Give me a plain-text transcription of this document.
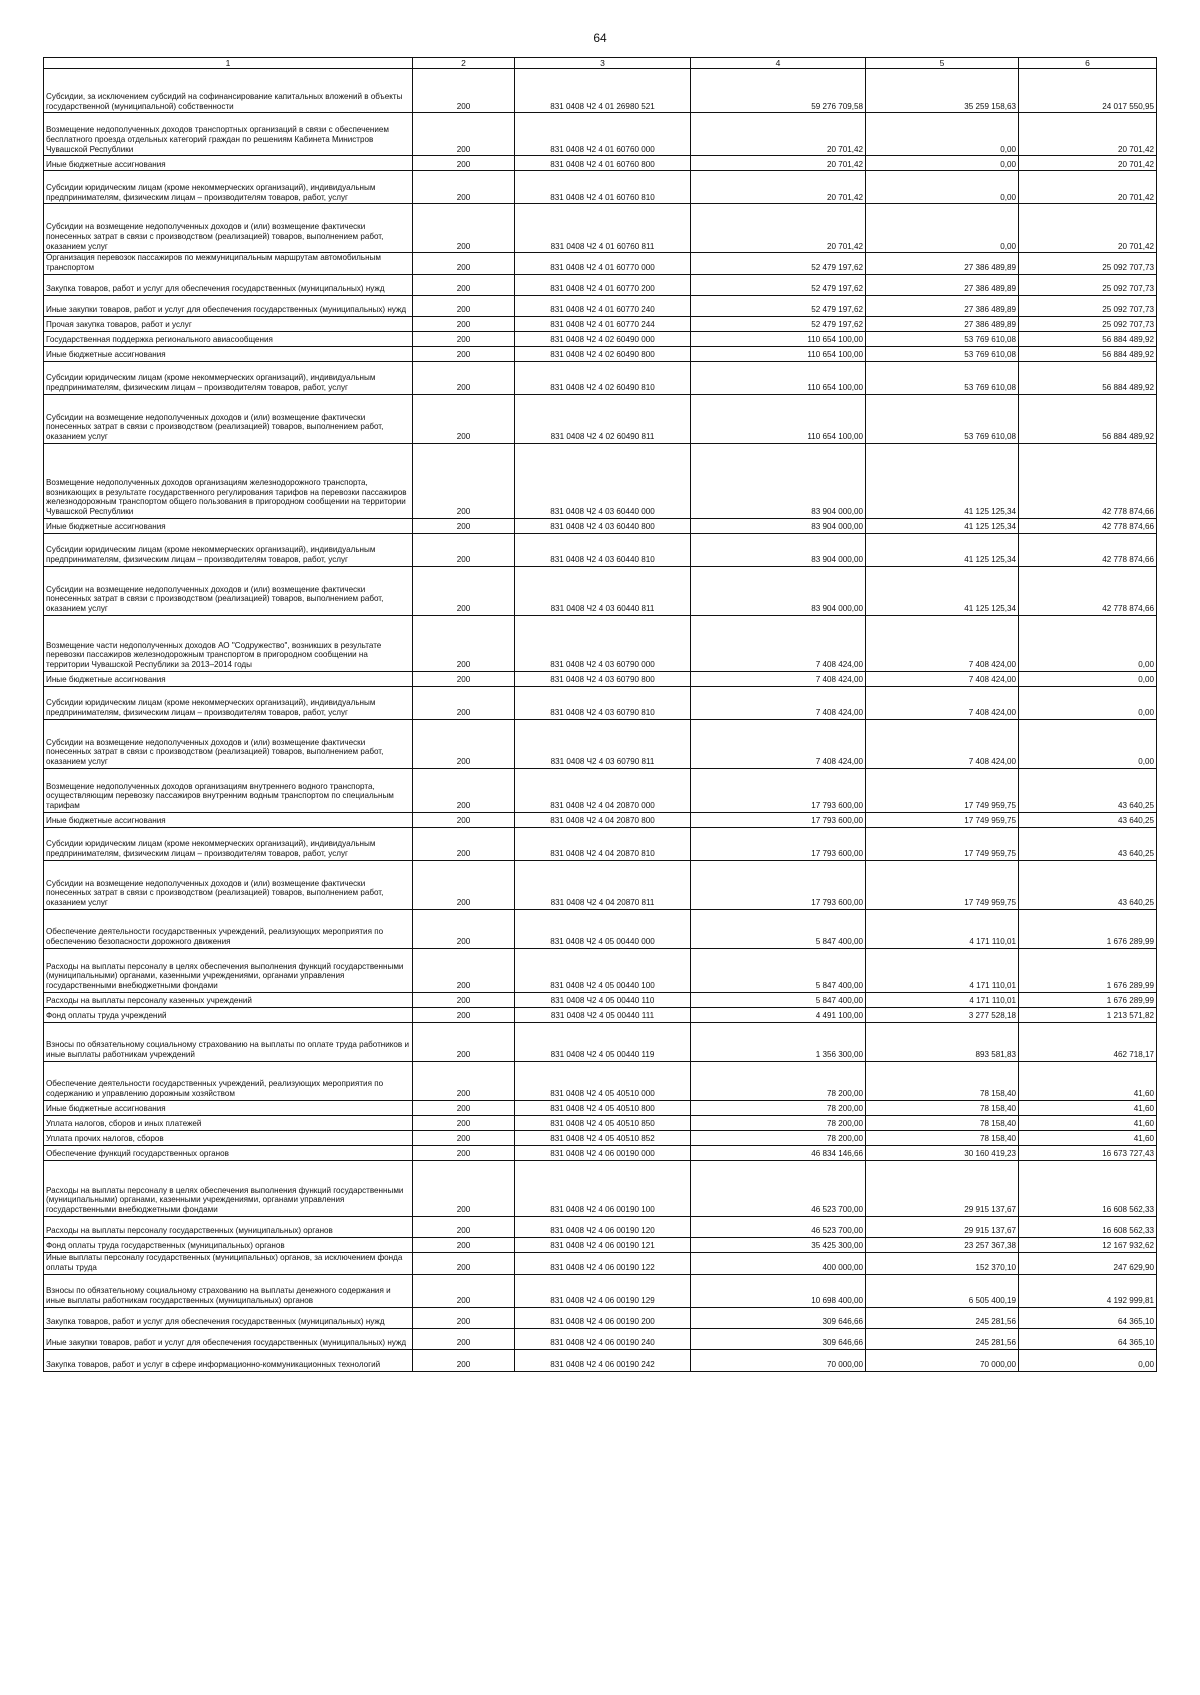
64
1	2	3	4	5	6
Субсидии, за исключением субсидий на софинансирование капитальных вложений в объекты государственной (муниципальной) собственности	200	831 0408 Ч2 4 01 26980 521	59 276 709,58	35 259 158,63	24 017 550,95
Возмещение недополученных доходов транспортных организаций в связи с обеспечением бесплатного проезда отдельных категорий граждан по решениям Кабинета Министров Чувашской Республики	200	831 0408 Ч2 4 01 60760 000	20 701,42	0,00	20 701,42
Иные бюджетные ассигнования	200	831 0408 Ч2 4 01 60760 800	20 701,42	0,00	20 701,42
Субсидии юридическим лицам (кроме некоммерческих организаций), индивидуальным предпринимателям, физическим лицам – производителям товаров, работ, услуг	200	831 0408 Ч2 4 01 60760 810	20 701,42	0,00	20 701,42
Субсидии на возмещение недополученных доходов и (или) возмещение фактически понесенных затрат в связи с производством (реализацией) товаров, выполнением работ, оказанием услуг	200	831 0408 Ч2 4 01 60760 811	20 701,42	0,00	20 701,42
Организация перевозок пассажиров по межмуниципальным маршрутам автомобильным транспортом	200	831 0408 Ч2 4 01 60770 000	52 479 197,62	27 386 489,89	25 092 707,73
Закупка товаров, работ и услуг для обеспечения государственных (муниципальных) нужд	200	831 0408 Ч2 4 01 60770 200	52 479 197,62	27 386 489,89	25 092 707,73
Иные закупки товаров, работ и услуг для обеспечения государственных (муниципальных) нужд	200	831 0408 Ч2 4 01 60770 240	52 479 197,62	27 386 489,89	25 092 707,73
Прочая закупка товаров, работ и услуг	200	831 0408 Ч2 4 01 60770 244	52 479 197,62	27 386 489,89	25 092 707,73
Государственная поддержка регионального авиасообщения	200	831 0408 Ч2 4 02 60490 000	110 654 100,00	53 769 610,08	56 884 489,92
Иные бюджетные ассигнования	200	831 0408 Ч2 4 02 60490 800	110 654 100,00	53 769 610,08	56 884 489,92
Субсидии юридическим лицам (кроме некоммерческих организаций), индивидуальным предпринимателям, физическим лицам – производителям товаров, работ, услуг	200	831 0408 Ч2 4 02 60490 810	110 654 100,00	53 769 610,08	56 884 489,92
Субсидии на возмещение недополученных доходов и (или) возмещение фактически понесенных затрат в связи с производством (реализацией) товаров, выполнением работ, оказанием услуг	200	831 0408 Ч2 4 02 60490 811	110 654 100,00	53 769 610,08	56 884 489,92
Возмещение недополученных доходов организациям железнодорожного транспорта, возникающих в результате государственного регулирования тарифов на перевозки пассажиров железнодорожным транспортом общего пользования в пригородном сообщении на территории Чувашской Республики	200	831 0408 Ч2 4 03 60440 000	83 904 000,00	41 125 125,34	42 778 874,66
Иные бюджетные ассигнования	200	831 0408 Ч2 4 03 60440 800	83 904 000,00	41 125 125,34	42 778 874,66
Субсидии юридическим лицам (кроме некоммерческих организаций), индивидуальным предпринимателям, физическим лицам – производителям товаров, работ, услуг	200	831 0408 Ч2 4 03 60440 810	83 904 000,00	41 125 125,34	42 778 874,66
Субсидии на возмещение недополученных доходов и (или) возмещение фактически понесенных затрат в связи с производством (реализацией) товаров, выполнением работ, оказанием услуг	200	831 0408 Ч2 4 03 60440 811	83 904 000,00	41 125 125,34	42 778 874,66
Возмещение части недополученных доходов АО "Содружество", возникших в результате перевозки пассажиров железнодорожным транспортом в пригородном сообщении на территории Чувашской Республики за 2013–2014 годы	200	831 0408 Ч2 4 03 60790 000	7 408 424,00	7 408 424,00	0,00
Иные бюджетные ассигнования	200	831 0408 Ч2 4 03 60790 800	7 408 424,00	7 408 424,00	0,00
Субсидии юридическим лицам (кроме некоммерческих организаций), индивидуальным предпринимателям, физическим лицам – производителям товаров, работ, услуг	200	831 0408 Ч2 4 03 60790 810	7 408 424,00	7 408 424,00	0,00
Субсидии на возмещение недополученных доходов и (или) возмещение фактически понесенных затрат в связи с производством (реализацией) товаров, выполнением работ, оказанием услуг	200	831 0408 Ч2 4 03 60790 811	7 408 424,00	7 408 424,00	0,00
Возмещение недополученных доходов организациям внутреннего водного транспорта, осуществляющим перевозку пассажиров внутренним водным транспортом по специальным тарифам	200	831 0408 Ч2 4 04 20870 000	17 793 600,00	17 749 959,75	43 640,25
Иные бюджетные ассигнования	200	831 0408 Ч2 4 04 20870 800	17 793 600,00	17 749 959,75	43 640,25
Субсидии юридическим лицам (кроме некоммерческих организаций), индивидуальным предпринимателям, физическим лицам – производителям товаров, работ, услуг	200	831 0408 Ч2 4 04 20870 810	17 793 600,00	17 749 959,75	43 640,25
Субсидии на возмещение недополученных доходов и (или) возмещение фактически понесенных затрат в связи с производством (реализацией) товаров, выполнением работ, оказанием услуг	200	831 0408 Ч2 4 04 20870 811	17 793 600,00	17 749 959,75	43 640,25
Обеспечение деятельности государственных учреждений, реализующих мероприятия по обеспечению безопасности дорожного движения	200	831 0408 Ч2 4 05 00440 000	5 847 400,00	4 171 110,01	1 676 289,99
Расходы на выплаты персоналу в целях обеспечения выполнения функций государственными (муниципальными) органами, казенными учреждениями, органами управления государственными внебюджетными фондами	200	831 0408 Ч2 4 05 00440 100	5 847 400,00	4 171 110,01	1 676 289,99
Расходы на выплаты персоналу казенных учреждений	200	831 0408 Ч2 4 05 00440 110	5 847 400,00	4 171 110,01	1 676 289,99
Фонд оплаты труда учреждений	200	831 0408 Ч2 4 05 00440 111	4 491 100,00	3 277 528,18	1 213 571,82
Взносы по обязательному социальному страхованию на выплаты по оплате труда работников и иные выплаты работникам учреждений	200	831 0408 Ч2 4 05 00440 119	1 356 300,00	893 581,83	462 718,17
Обеспечение деятельности государственных учреждений, реализующих мероприятия по содержанию и управлению дорожным хозяйством	200	831 0408 Ч2 4 05 40510 000	78 200,00	78 158,40	41,60
Иные бюджетные ассигнования	200	831 0408 Ч2 4 05 40510 800	78 200,00	78 158,40	41,60
Уплата налогов, сборов и иных платежей	200	831 0408 Ч2 4 05 40510 850	78 200,00	78 158,40	41,60
Уплата прочих налогов, сборов	200	831 0408 Ч2 4 05 40510 852	78 200,00	78 158,40	41,60
Обеспечение функций государственных органов	200	831 0408 Ч2 4 06 00190 000	46 834 146,66	30 160 419,23	16 673 727,43
Расходы на выплаты персоналу в целях обеспечения выполнения функций государственными (муниципальными) органами, казенными учреждениями, органами управления государственными внебюджетными фондами	200	831 0408 Ч2 4 06 00190 100	46 523 700,00	29 915 137,67	16 608 562,33
Расходы на выплаты персоналу государственных (муниципальных) органов	200	831 0408 Ч2 4 06 00190 120	46 523 700,00	29 915 137,67	16 608 562,33
Фонд оплаты труда государственных (муниципальных) органов	200	831 0408 Ч2 4 06 00190 121	35 425 300,00	23 257 367,38	12 167 932,62
Иные выплаты персоналу государственных (муниципальных) органов, за исключением фонда оплаты труда	200	831 0408 Ч2 4 06 00190 122	400 000,00	152 370,10	247 629,90
Взносы по обязательному социальному страхованию на выплаты денежного содержания и иные выплаты работникам государственных (муниципальных) органов	200	831 0408 Ч2 4 06 00190 129	10 698 400,00	6 505 400,19	4 192 999,81
Закупка товаров, работ и услуг для обеспечения государственных (муниципальных) нужд	200	831 0408 Ч2 4 06 00190 200	309 646,66	245 281,56	64 365,10
Иные закупки товаров, работ и услуг для обеспечения государственных (муниципальных) нужд	200	831 0408 Ч2 4 06 00190 240	309 646,66	245 281,56	64 365,10
Закупка товаров, работ и услуг в сфере информационно-коммуникационных технологий	200	831 0408 Ч2 4 06 00190 242	70 000,00	70 000,00	0,00
